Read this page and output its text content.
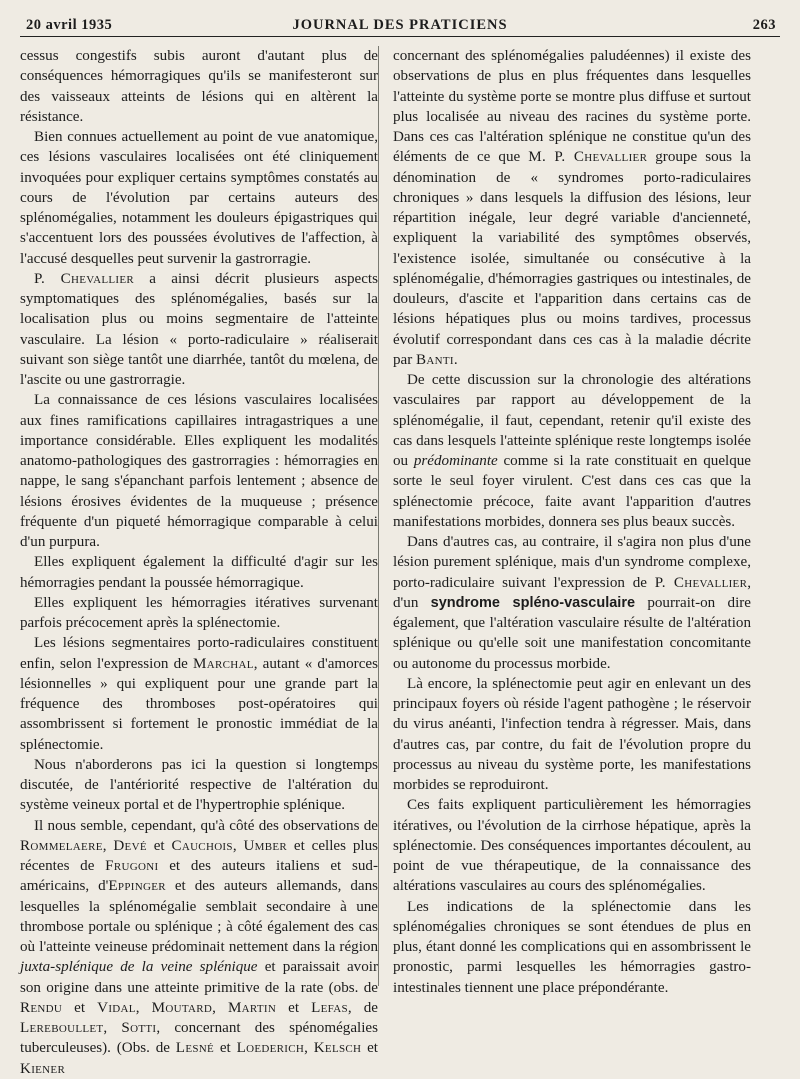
20 avril 1935	JOURNAL DES PRATICIENS	263

cessus congestifs subis auront d'autant plus de conséquences hémorragiques qu'ils se manifesteront sur des vaisseaux atteints de lésions qui en altèrent la résistance.

Bien connues actuellement au point de vue anatomique, ces lésions vasculaires localisées ont été cliniquement invoquées pour expliquer certains symptômes constatés au cours de l'évolution par certains auteurs des splénomégalies, notamment les douleurs épigastriques qui s'accentuent lors des poussées évolutives de l'affection, à l'accusé desquelles peut survenir la gastrorragie.

P. Chevallier a ainsi décrit plusieurs aspects symptomatiques des splénomégalies, basés sur la localisation plus ou moins segmentaire de l'atteinte vasculaire. La lésion « porto-radiculaire » réaliserait suivant son siège tantôt une diarrhée, tantôt du mœlena, de l'ascite ou une gastrorragie.

La connaissance de ces lésions vasculaires localisées aux fines ramifications capillaires intragastriques a une importance considérable. Elles expliquent les modalités anatomo-pathologiques des gastrorragies : hémorragies en nappe, le sang s'épanchant parfois lentement ; absence de lésions érosives évidentes de la muqueuse ; présence fréquente d'un piqueté hémorragique comparable à celui d'un purpura.

Elles expliquent également la difficulté d'agir sur les hémorragies pendant la poussée hémorragique.

Elles expliquent les hémorragies itératives survenant parfois précocement après la splénectomie.

Les lésions segmentaires porto-radiculaires constituent enfin, selon l'expression de Marchal, autant « d'amorces lésionnelles » qui expliquent pour une grande part la fréquence des thromboses post-opératoires qui assombrissent si fortement le pronostic immédiat de la splénectomie.

Nous n'aborderons pas ici la question si longtemps discutée, de l'antériorité respective de l'altération du système veineux portal et de l'hypertrophie splénique.

Il nous semble, cependant, qu'à côté des observations de Rommelaere, Devé et Cauchois, Umber et celles plus récentes de Frugoni et des auteurs italiens et sud-américains, d'Eppinger et des auteurs allemands, dans lesquelles la splénomégalie semblait secondaire à une thrombose portale ou splénique ; à côté également des cas où l'atteinte veineuse prédominait nettement dans la région juxta-splénique de la veine splénique et paraissait avoir son origine dans une atteinte primitive de la rate (obs. de Rendu et Vidal, Moutard, Martin et Lefas, de Lereboullet, Sotti, concernant des spénomégalies tuberculeuses). (Obs. de Lesné et Loederich, Kelsch et Kiener

concernant des splénomégalies paludéennes) il existe des observations de plus en plus fréquentes dans lesquelles l'atteinte du système porte se montre plus diffuse et surtout plus localisée au niveau des racines du système porte. Dans ces cas l'altération splénique ne constitue qu'un des éléments de ce que M. P. Chevallier groupe sous la dénomination de « syndromes porto-radiculaires chroniques » dans lesquels la diffusion des lésions, leur répartition inégale, leur degré variable d'ancienneté, expliquent la variabilité des symptômes observés, l'existence isolée, simultanée ou consécutive à la splénomégalie, d'hémorragies gastriques ou intestinales, de douleurs, d'ascite et l'apparition dans certains cas de lésions hépatiques plus ou moins tardives, processus évolutif correspondant dans ces cas à la maladie décrite par Banti.

De cette discussion sur la chronologie des altérations vasculaires par rapport au développement de la splénomégalie, il faut, cependant, retenir qu'il existe des cas dans lesquels l'atteinte splénique reste longtemps isolée ou prédominante comme si la rate constituait en quelque sorte le seul foyer virulent. C'est dans ces cas que la splénectomie précoce, faite avant l'apparition d'autres manifestations morbides, donnera ses plus beaux succès.

Dans d'autres cas, au contraire, il s'agira non plus d'une lésion purement splénique, mais d'un syndrome complexe, porto-radiculaire suivant l'expression de P. Chevallier, d'un syndrome spléno-vasculaire pourrait-on dire également, que l'altération vasculaire résulte de l'altération splénique ou qu'elle soit une manifestation concomitante ou autonome du processus morbide.

Là encore, la splénectomie peut agir en enlevant un des principaux foyers où réside l'agent pathogène ; le réservoir du virus anéanti, l'infection tendra à régresser. Mais, dans d'autres cas, par contre, du fait de l'évolution propre du processus au niveau du système porte, les manifestations morbides se reproduiront.

Ces faits expliquent particulièrement les hémorragies itératives, ou l'évolution de la cirrhose hépatique, après la splénectomie. Des conséquences importantes découlent, au point de vue thérapeutique, de la connaissance des altérations vasculaires au cours des splénomégalies.

Les indications de la splénectomie dans les splénomégalies chroniques se sont étendues de plus en plus, étant donné les complications qui en assombrissent le pronostic, parmi lesquelles les hémorragies gastro-intestinales tiennent une place prépondérante.
